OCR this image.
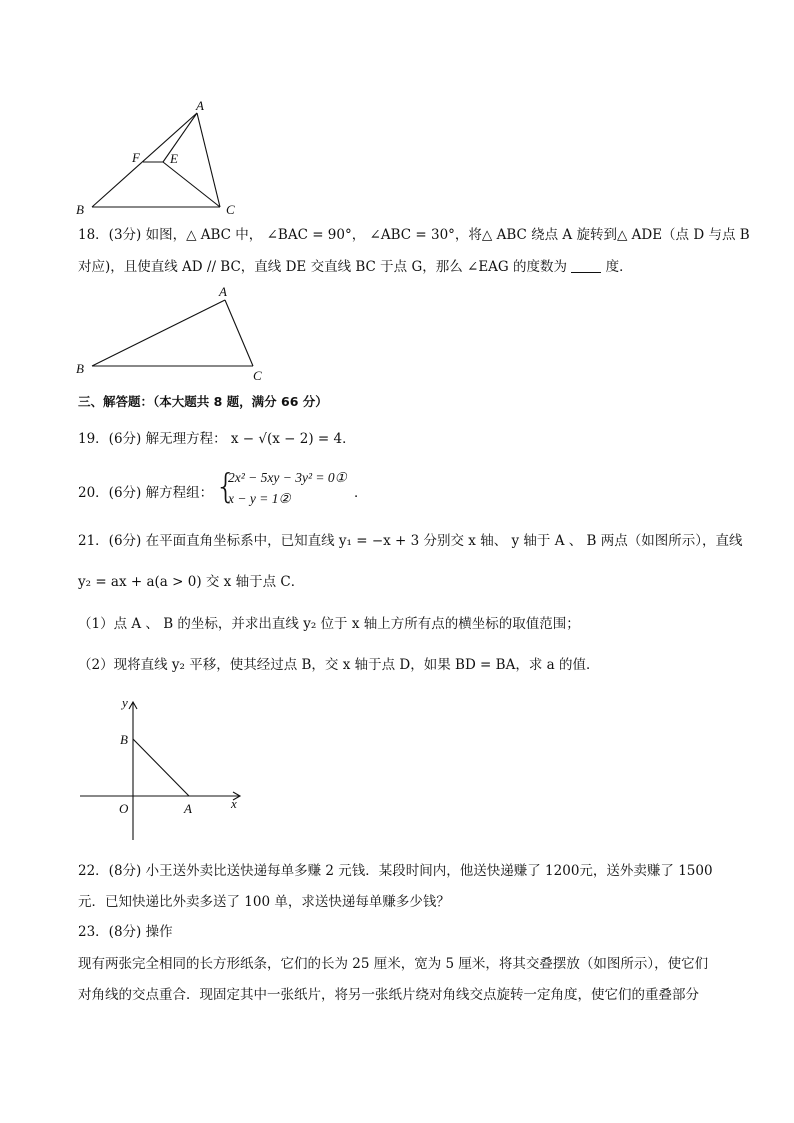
A
F E
B	C
18．(3分) 如图，△ ABC 中， ∠BAC = 90°， ∠ABC = 30°，将△ ABC 绕点 A 旋转到△ ADE（点 D 与点 B
对应)，且使直线 AD // BC，直线 DE 交直线 BC 于点 G，那么 ∠EAG 的度数为	度．
A
B	C
三、解答题：（本大题共 8 题，满分 66 分）
19．(6分) 解无理方程： x − √(x − 2) = 4．
20．(6分) 解方程组： {
2x² − 5xy − 3y² = 0①
x − y = 1②	．
21．(6分) 在平面直角坐标系中，已知直线 y₁ = −x + 3 分别交 x 轴、 y 轴于 A 、 B 两点（如图所示），直线
y₂ = ax + a(a > 0) 交 x 轴于点 C．
（1）点 A 、 B 的坐标，并求出直线 y₂ 位于 x 轴上方所有点的横坐标的取值范围；
（2）现将直线 y₂ 平移，使其经过点 B，交 x 轴于点 D，如果 BD = BA，求 a 的值．
y
B
O	A	x
22．(8分) 小王送外卖比送快递每单多赚 2 元钱．某段时间内，他送快递赚了 1200元，送外卖赚了 1500
元．已知快递比外卖多送了 100 单，求送快递每单赚多少钱？
23．(8分) 操作
现有两张完全相同的长方形纸条，它们的长为 25 厘米，宽为 5 厘米，将其交叠摆放（如图所示），使它们
对角线的交点重合．现固定其中一张纸片，将另一张纸片绕对角线交点旋转一定角度，使它们的重叠部分
